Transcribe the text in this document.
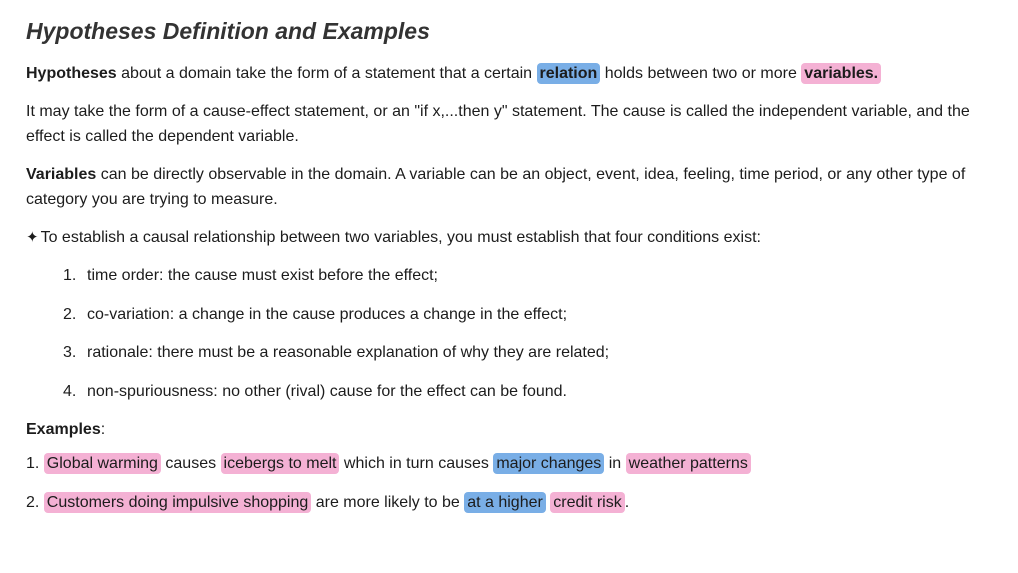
Hypotheses Definition and Examples

Hypotheses about a domain take the form of a statement that a certain relation holds between two or more variables.

It may take the form of a cause-effect statement, or an "if x,...then y" statement. The cause is called the independent variable, and the effect is called the dependent variable.

Variables can be directly observable in the domain. A variable can be an object, event, idea, feeling, time period, or any other type of category you are trying to measure.

✦ To establish a causal relationship between two variables, you must establish that four conditions exist:

1. time order: the cause must exist before the effect;
2. co-variation: a change in the cause produces a change in the effect;
3. rationale: there must be a reasonable explanation of why they are related;
4. non-spuriousness: no other (rival) cause for the effect can be found.

Examples:

1. Global warming causes icebergs to melt which in turn causes major changes in weather patterns

2. Customers doing impulsive shopping are more likely to be at a higher credit risk .
